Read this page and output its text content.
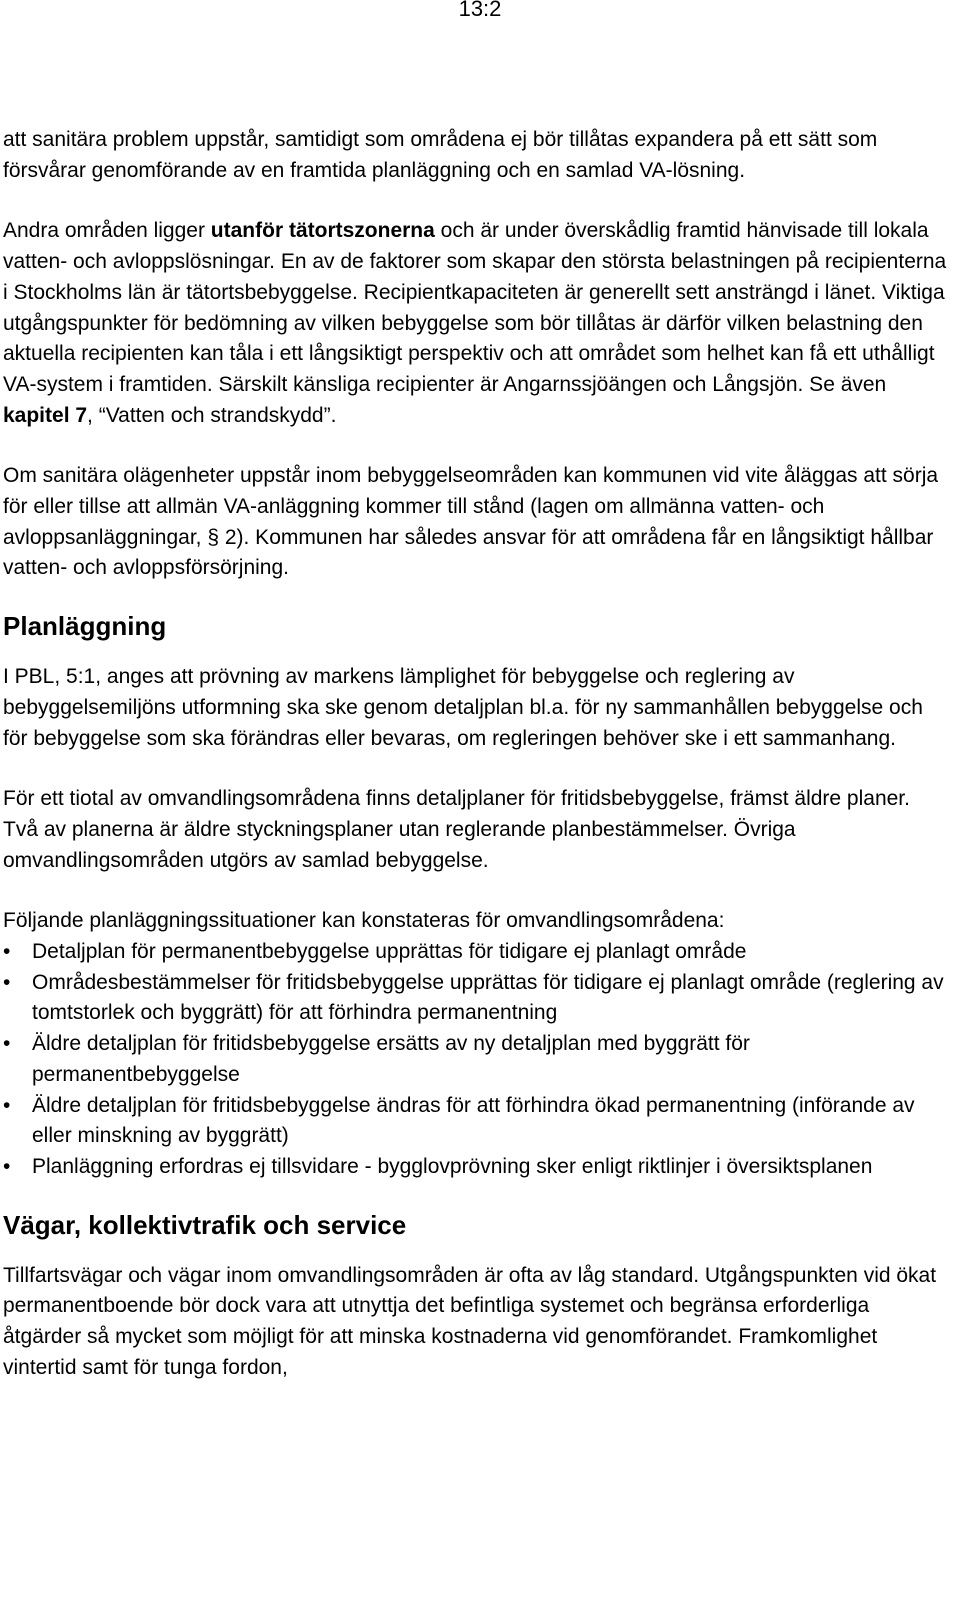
13:2

att sanitära problem uppstår, samtidigt som områdena ej bör tillåtas expandera på ett sätt som försvårar genomförande av en framtida planläggning och en samlad VA-lösning.

Andra områden ligger utanför tätortszonerna och är under överskådlig framtid hänvisade till lokala vatten- och avloppslösningar. En av de faktorer som skapar den största belastningen på recipienterna i Stockholms län är tätortsbebyggelse. Recipientkapaciteten är generellt sett ansträngd i länet. Viktiga utgångspunkter för bedömning av vilken bebyggelse som bör tillåtas är därför vilken belastning den aktuella recipienten kan tåla i ett långsiktigt perspektiv och att området som helhet kan få ett uthålligt VA-system i framtiden. Särskilt känsliga recipienter är Angarnssjöängen och Långsjön. Se även kapitel 7, “Vatten och strandskydd”.

Om sanitära olägenheter uppstår inom bebyggelseområden kan kommunen vid vite åläggas att sörja för eller tillse att allmän VA-anläggning kommer till stånd (lagen om allmänna vatten- och avloppsanläggningar, § 2). Kommunen har således ansvar för att områdena får en långsiktigt hållbar vatten- och avloppsförsörjning.

Planläggning

I PBL, 5:1, anges att prövning av markens lämplighet för bebyggelse och reglering av bebyggelsemiljöns utformning ska ske genom detaljplan bl.a. för ny sammanhållen bebyggelse och för bebyggelse som ska förändras eller bevaras, om regleringen behöver ske i ett sammanhang.

För ett tiotal av omvandlingsområdena finns detaljplaner för fritidsbebyggelse, främst äldre planer. Två av planerna är äldre styckningsplaner utan reglerande planbestämmelser. Övriga omvandlingsområden utgörs av samlad bebyggelse.

Följande planläggningssituationer kan konstateras för omvandlingsområdena:

• Detaljplan för permanentbebyggelse upprättas för tidigare ej planlagt område
• Områdesbestämmelser för fritidsbebyggelse upprättas för tidigare ej planlagt område (reglering av tomtstorlek och byggrätt) för att förhindra permanentning
• Äldre detaljplan för fritidsbebyggelse ersätts av ny detaljplan med byggrätt för permanentbebyggelse
• Äldre detaljplan för fritidsbebyggelse ändras för att förhindra ökad permanentning (införande av eller minskning av byggrätt)
• Planläggning erfordras ej tillsvidare - bygglovprövning sker enligt riktlinjer i översiktsplanen
Vägar, kollektivtrafik och service

Tillfartsvägar och vägar inom omvandlingsområden är ofta av låg standard. Utgångspunkten vid ökat permanentboende bör dock vara att utnyttja det befintliga systemet och begränsa erforderliga åtgärder så mycket som möjligt för att minska kostnaderna vid genomförandet. Framkomlighet vintertid samt för tunga fordon,
